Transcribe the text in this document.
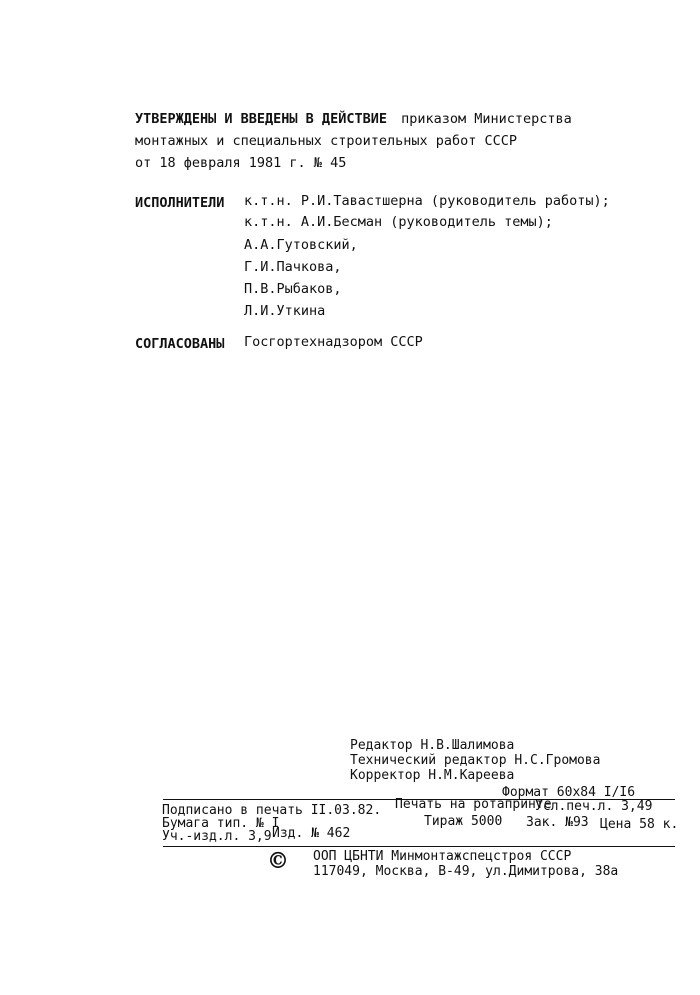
УТВЕРЖДЕНЫ И ВВЕДЕНЫ В ДЕЙСТВИЕ приказом Министерства
монтажных и специальных строительных работ СССР
от 18 февраля 1981 г. № 45
ИСПОЛНИТЕЛИ к.т.н. Р.И.Тавастшерна (руководитель работы);
к.т.н. А.И.Бесман (руководитель темы);
А.А.Гутовский,
Г.И.Пачкова,
П.В.Рыбаков,
Л.И.Уткина
СОГЛАСОВАНЫ Госгортехнадзором СССР
Редактор Н.В.Шалимова
Технический редактор Н.С.Громова
Корректор Н.М.Кареева
Формат 60х84 I/I6
Подписано в печать II.03.82. Печать на ротапринте
Усл.печ.л. 3,49
Бумага тип. № I	Тираж 5000 Зак. №93 Цена 58 к.
Уч.-изд.л. 3,9 Изд. № 462
© ООП ЦБНТИ Минмонтажспецстроя СССР
117049, Москва, В-49, ул.Димитрова, 38а
